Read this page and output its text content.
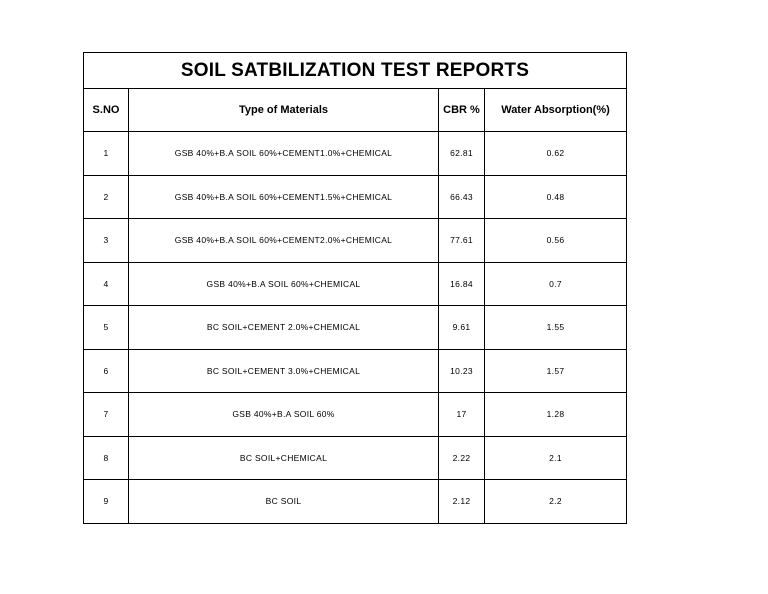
SOIL SATBILIZATION TEST REPORTS			
S.NO	Type of Materials	CBR %	Water Absorption(%)
1	GSB 40%+B.A SOIL 60%+CEMENT1.0%+CHEMICAL	62.81	0.62
2	GSB 40%+B.A SOIL 60%+CEMENT1.5%+CHEMICAL	66.43	0.48
3	GSB 40%+B.A SOIL 60%+CEMENT2.0%+CHEMICAL	77.61	0.56
4	GSB 40%+B.A SOIL 60%+CHEMICAL	16.84	0.7
5	BC SOIL+CEMENT 2.0%+CHEMICAL	9.61	1.55
6	BC SOIL+CEMENT 3.0%+CHEMICAL	10.23	1.57
7	GSB 40%+B.A SOIL 60%	17	1.28
8	BC SOIL+CHEMICAL	2.22	2.1
9	BC SOIL	2.12	2.2
